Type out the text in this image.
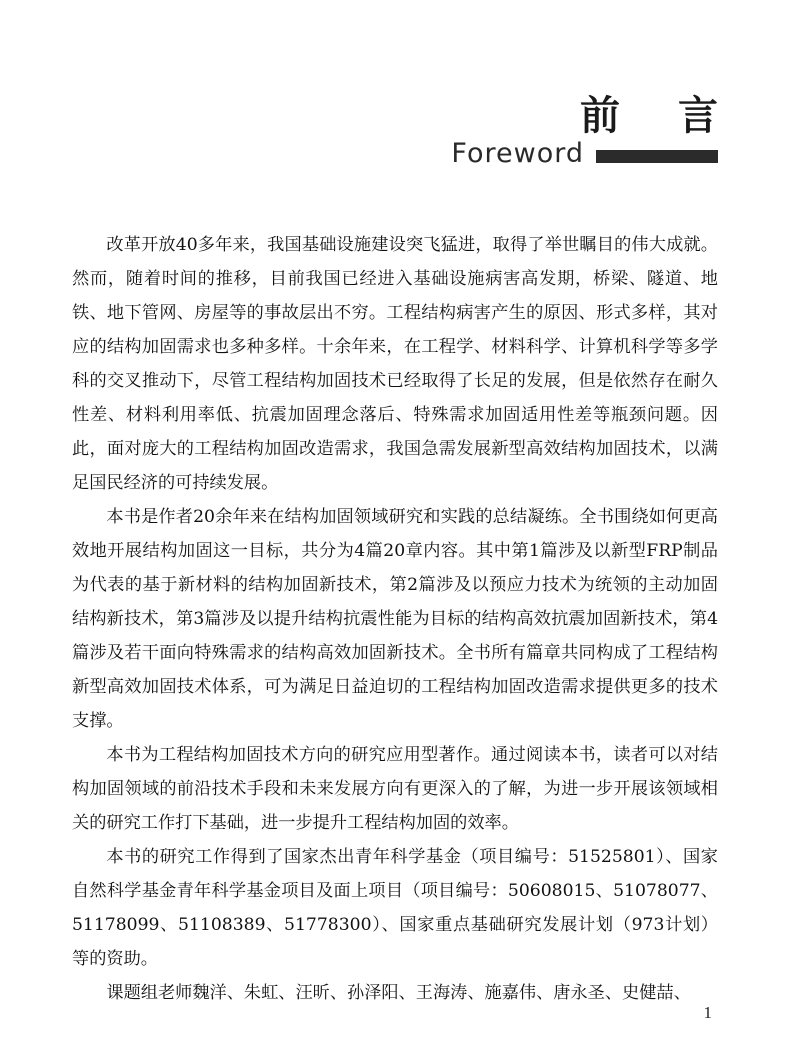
前言
Foreword

改革开放40多年来，我国基础设施建设突飞猛进，取得了举世瞩目的伟大成就。然而，随着时间的推移，目前我国已经进入基础设施病害高发期，桥梁、隧道、地铁、地下管网、房屋等的事故层出不穷。工程结构病害产生的原因、形式多样，其对应的结构加固需求也多种多样。十余年来，在工程学、材料科学、计算机科学等多学科的交叉推动下，尽管工程结构加固技术已经取得了长足的发展，但是依然存在耐久性差、材料利用率低、抗震加固理念落后、特殊需求加固适用性差等瓶颈问题。因此，面对庞大的工程结构加固改造需求，我国急需发展新型高效结构加固技术，以满足国民经济的可持续发展。

本书是作者20余年来在结构加固领域研究和实践的总结凝练。全书围绕如何更高效地开展结构加固这一目标，共分为4篇20章内容。其中第1篇涉及以新型FRP制品为代表的基于新材料的结构加固新技术，第2篇涉及以预应力技术为统领的主动加固结构新技术，第3篇涉及以提升结构抗震性能为目标的结构高效抗震加固新技术，第4篇涉及若干面向特殊需求的结构高效加固新技术。全书所有篇章共同构成了工程结构新型高效加固技术体系，可为满足日益迫切的工程结构加固改造需求提供更多的技术支撑。

本书为工程结构加固技术方向的研究应用型著作。通过阅读本书，读者可以对结构加固领域的前沿技术手段和未来发展方向有更深入的了解，为进一步开展该领域相关的研究工作打下基础，进一步提升工程结构加固的效率。

本书的研究工作得到了国家杰出青年科学基金（项目编号：51525801）、国家自然科学基金青年科学基金项目及面上项目（项目编号：50608015、51078077、51178099、51108389、51778300）、国家重点基础研究发展计划（973计划）等的资助。

课题组老师魏洋、朱虹、汪昕、孙泽阳、王海涛、施嘉伟、唐永圣、史健喆、

1
